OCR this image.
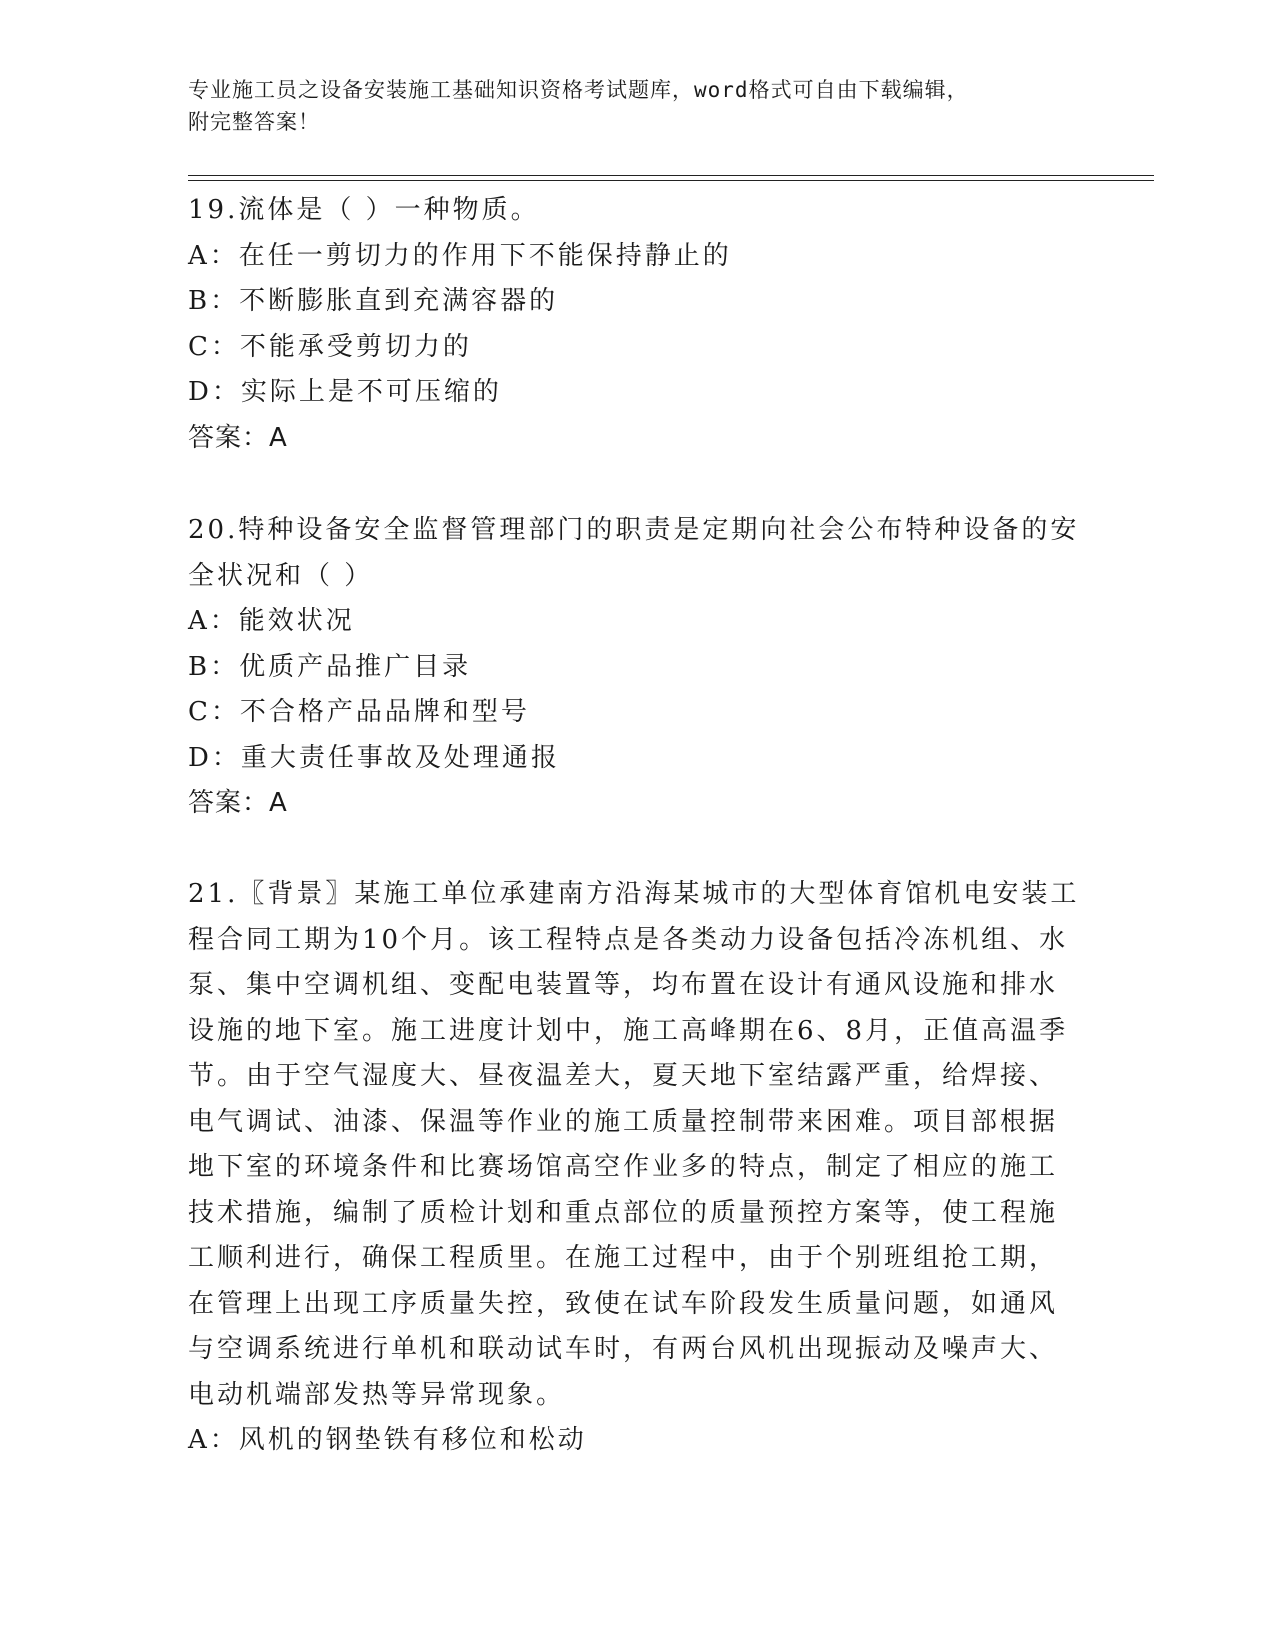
专业施工员之设备安装施工基础知识资格考试题库，word格式可自由下载编辑，
附完整答案！
19.流体是（ ）一种物质。
A：在任一剪切力的作用下不能保持静止的
B：不断膨胀直到充满容器的
C：不能承受剪切力的
D：实际上是不可压缩的
答案：A
20.特种设备安全监督管理部门的职责是定期向社会公布特种设备的安
全状况和（ ）
A：能效状况
B：优质产品推广目录
C：不合格产品品牌和型号
D：重大责任事故及处理通报
答案：A
21.〖背景〗某施工单位承建南方沿海某城市的大型体育馆机电安装工
程合同工期为10个月。该工程特点是各类动力设备包括冷冻机组、水
泵、集中空调机组、变配电装置等，均布置在设计有通风设施和排水
设施的地下室。施工进度计划中，施工高峰期在6、8月，正值高温季
节。由于空气湿度大、昼夜温差大，夏天地下室结露严重，给焊接、
电气调试、油漆、保温等作业的施工质量控制带来困难。项目部根据
地下室的环境条件和比赛场馆高空作业多的特点，制定了相应的施工
技术措施，编制了质检计划和重点部位的质量预控方案等，使工程施
工顺利进行，确保工程质里。在施工过程中，由于个别班组抢工期，
在管理上出现工序质量失控，致使在试车阶段发生质量问题，如通风
与空调系统进行单机和联动试车时，有两台风机出现振动及噪声大、
电动机端部发热等异常现象。
A：风机的钢垫铁有移位和松动
